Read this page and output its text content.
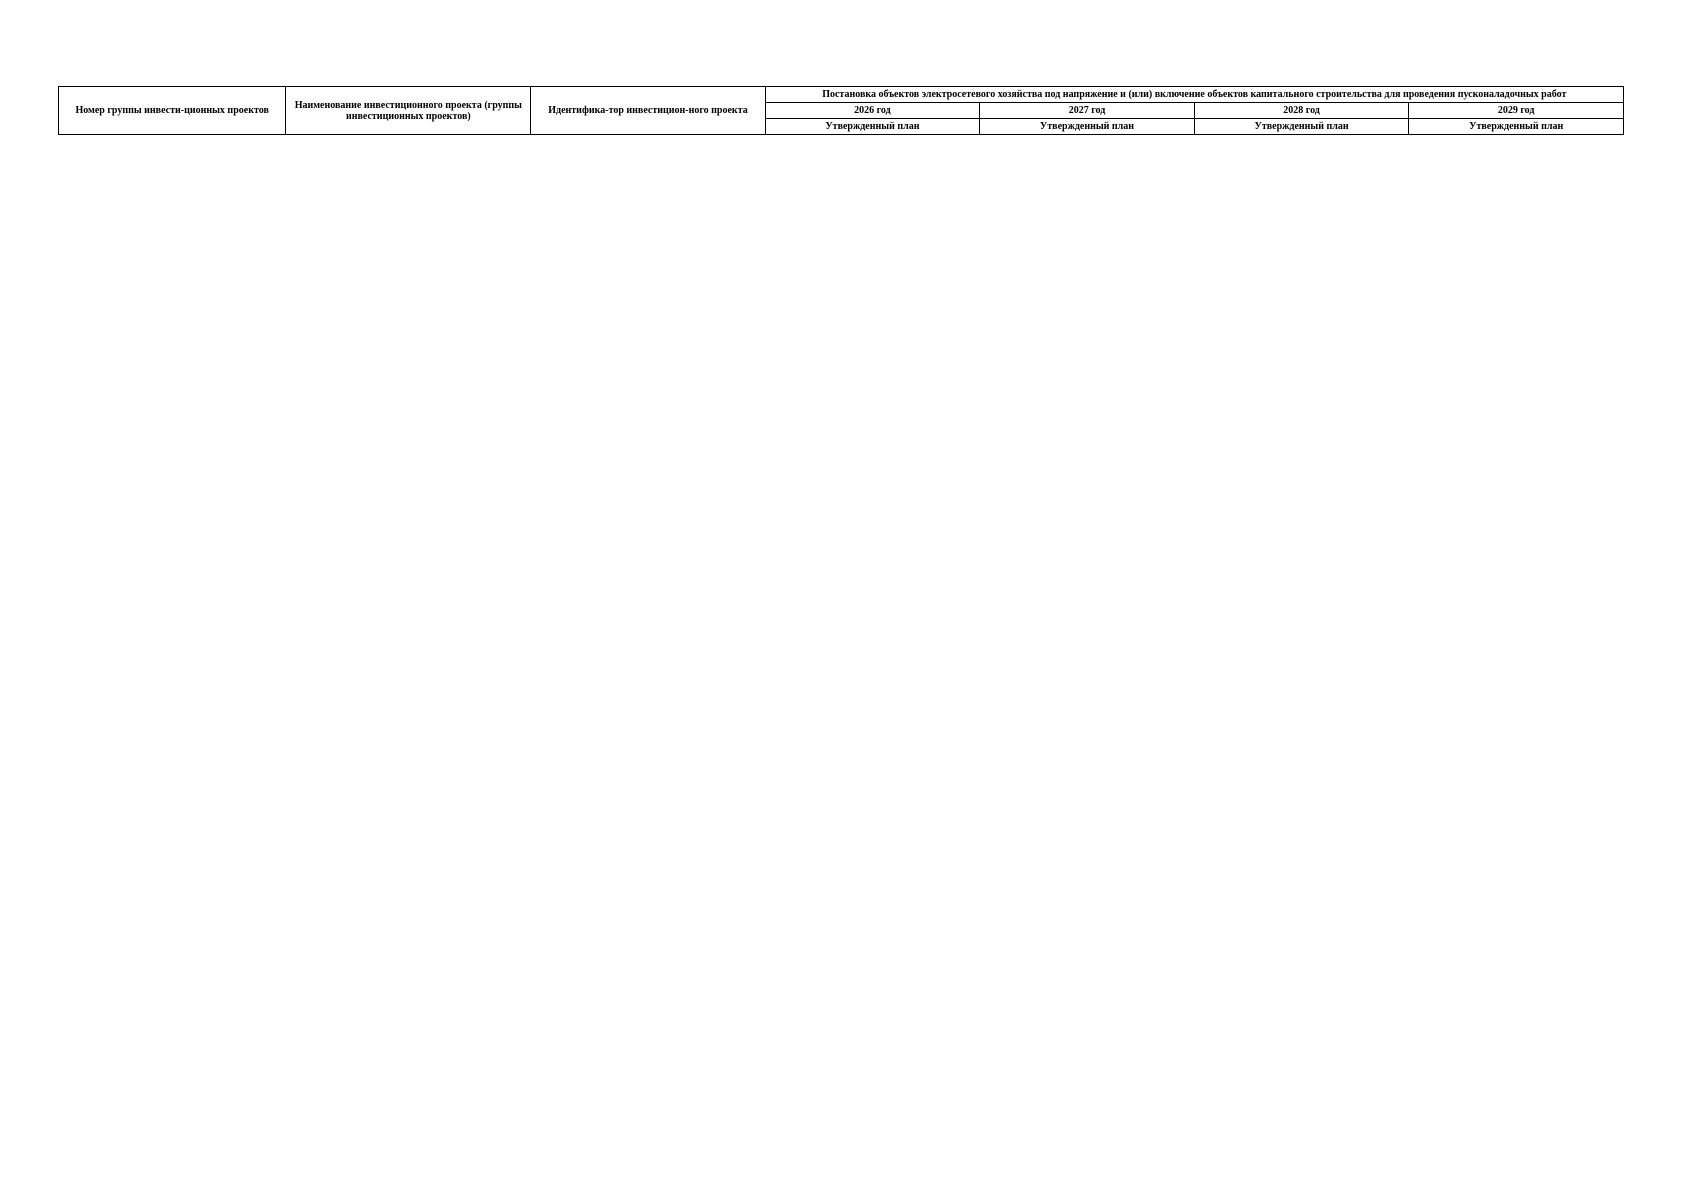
Номер группы инвести-ционных проектов	Наименование инвестиционного проекта (группы инвестиционных проектов)	Идентифика-тор инвестицион-ного проекта	Постановка объектов электросетевого хозяйства под напряжение и (или) включение объектов капитального строительства для проведения пусконаладочных работ			
			2026 год	2027 год	2028 год	2029 год
			Утвержденный план	Утвержденный план	Утвержденный план	Утвержденный план
